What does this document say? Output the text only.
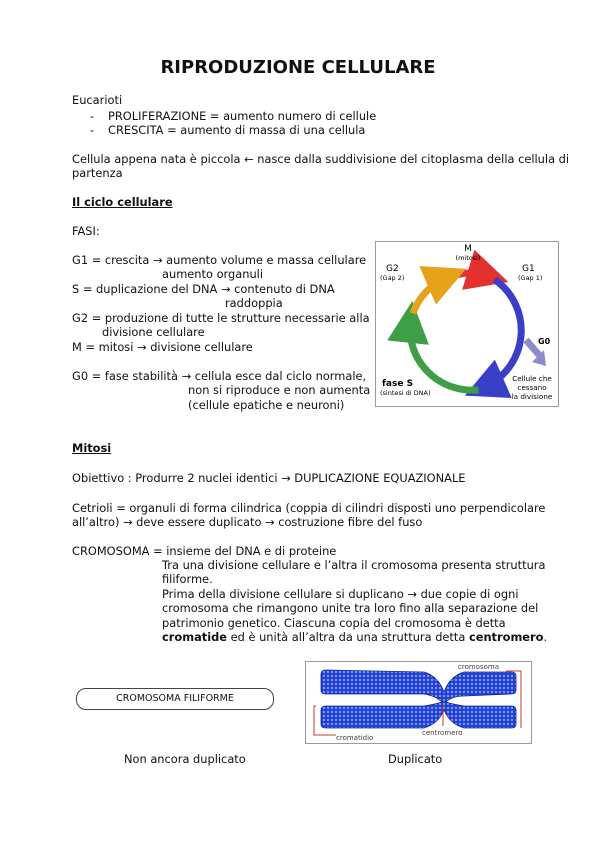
RIPRODUZIONE CELLULARE
Eucarioti
- PROLIFERAZIONE = aumento numero di cellule
- CRESCITA = aumento di massa di una cellula
Cellula appena nata è piccola ← nasce dalla suddivisione del citoplasma della cellula di
partenza
Il ciclo cellulare
FASI:
G1 = crescita → aumento volume e massa cellulare
aumento organuli
S = duplicazione del DNA → contenuto di DNA
raddoppia
G2 = produzione di tutte le strutture necessarie alla
divisione cellulare
M = mitosi → divisione cellulare
G0 = fase stabilità → cellula esce dal ciclo normale,
non si riproduce e non aumenta
(cellule epatiche e neuroni)
M
(mitosi)
G1
(Gap 1)
G2
(Gap 2)
fase S
(sintesi di DNA)
G0
Cellule che
cessano
la divisione
Mitosi
Obiettivo : Produrre 2 nuclei identici → DUPLICAZIONE EQUAZIONALE
Cetrioli = organuli di forma cilindrica (coppia di cilindri disposti uno perpendicolare
all’altro) → deve essere duplicato → costruzione fibre del fuso
CROMOSOMA = insieme del DNA e di proteine
Tra una divisione cellulare e l’altra il cromosoma presenta struttura
filiforme.
Prima della divisione cellulare si duplicano → due copie di ogni
cromosoma che rimangono unite tra loro fino alla separazione del
patrimonio genetico. Ciascuna copia del cromosoma è detta
cromatide ed è unità all’altra da una struttura detta centromero.
CROMOSOMA FILIFORME
cromosoma
cromatidio
centromero
Non ancora duplicato	Duplicato
